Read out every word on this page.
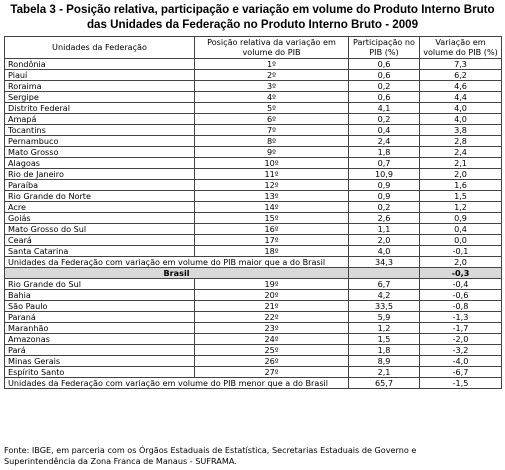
Tabela 3 - Posição relativa, participação e variação em volume do Produto Interno Bruto
das Unidades da Federação no Produto Interno Bruto - 2009
Unidades da Federação	Posição relativa da variação em volume do PIB	Participação no PIB (%)	Variação em volume do PIB (%)
Rondônia	1º	0,6	7,3
Piauí	2º	0,6	6,2
Roraima	3º	0,2	4,6
Sergipe	4º	0,6	4,4
Distrito Federal	5º	4,1	4,0
Amapá	6º	0,2	4,0
Tocantins	7º	0,4	3,8
Pernambuco	8º	2,4	2,8
Mato Grosso	9º	1,8	2,4
Alagoas	10º	0,7	2,1
Rio de Janeiro	11º	10,9	2,0
Paraíba	12º	0,9	1,6
Rio Grande do Norte	13º	0,9	1,5
Acre	14º	0,2	1,2
Goiás	15º	2,6	0,9
Mato Grosso do Sul	16º	1,1	0,4
Ceará	17º	2,0	0,0
Santa Catarina	18º	4,0	-0,1
Unidades da Federação com variação em volume do PIB maior que a do Brasil		34,3	2,0
Brasil			-0,3
Rio Grande do Sul	19º	6,7	-0,4
Bahia	20º	4,2	-0,6
São Paulo	21º	33,5	-0,8
Paraná	22º	5,9	-1,3
Maranhão	23º	1,2	-1,7
Amazonas	24º	1,5	-2,0
Pará	25º	1,8	-3,2
Minas Gerais	26º	8,9	-4,0
Espírito Santo	27º	2,1	-6,7
Unidades da Federação com variação em volume do PIB menor que a do Brasil		65,7	-1,5
Fonte: IBGE, em parceria com os Órgãos Estaduais de Estatística, Secretarias Estaduais de Governo e
Superintendência da Zona Franca de Manaus - SUFRAMA.
